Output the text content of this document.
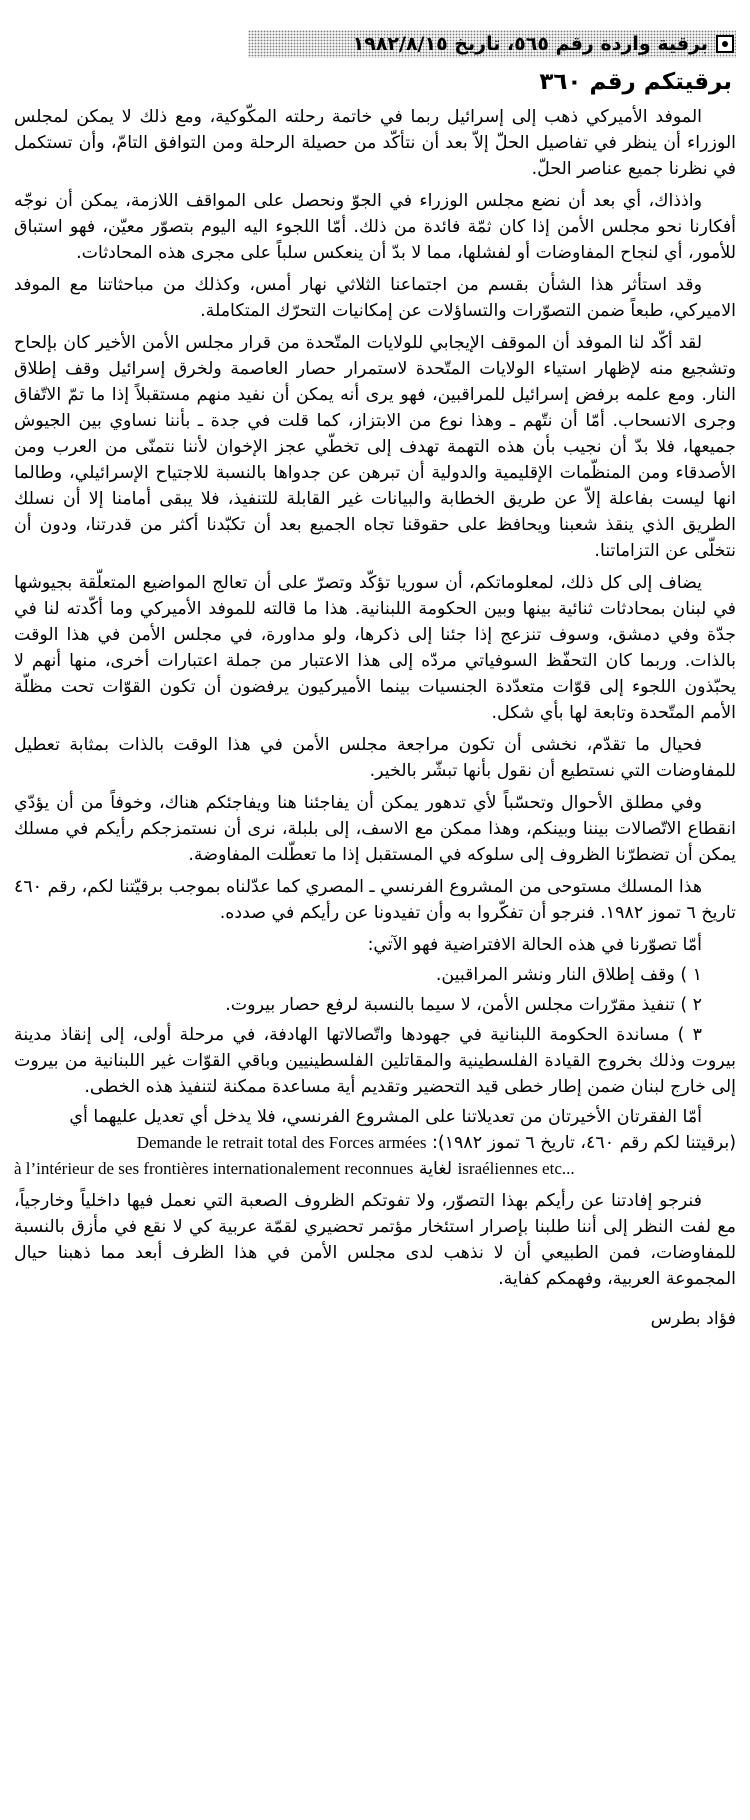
برقية واردة رقم ٥٦٥، تاريخ ١٩٨٢/٨/١٥
برقيتكم رقم ٣٦٠

الموفد الأميركي ذهب إلى إسرائيل ربما في خاتمة رحلته المكّوكية، ومع ذلك لا يمكن لمجلس الوزراء أن ينظر في تفاصيل الحلّ إلاّ بعد أن نتأكّد من حصيلة الرحلة ومن التوافق التامّ، وأن تستكمل في نظرنا جميع عناصر الحلّ.

واذذاك، أي بعد أن نضع مجلس الوزراء في الجوّ ونحصل على المواقف اللازمة، يمكن أن نوجّه أفكارنا نحو مجلس الأمن إذا كان ثمّة فائدة من ذلك. أمّا اللجوء اليه اليوم بتصوّر معيّن، فهو استباق للأمور، أي لنجاح المفاوضات أو لفشلها، مما لا بدّ أن ينعكس سلباً على مجرى هذه المحادثات.

وقد استأثر هذا الشأن بقسم من اجتماعنا الثلاثي نهار أمس، وكذلك من مباحثاتنا مع الموفد الاميركي، طبعاً ضمن التصوّرات والتساؤلات عن إمكانيات التحرّك المتكاملة.

لقد أكّد لنا الموفد أن الموقف الإيجابي للولايات المتّحدة من قرار مجلس الأمن الأخير كان بإلحاح وتشجيع منه لإظهار استياء الولايات المتّحدة لاستمرار حصار العاصمة ولخرق إسرائيل وقف إطلاق النار. ومع علمه برفض إسرائيل للمراقبين، فهو يرى أنه يمكن أن نفيد منهم مستقبلاً إذا ما تمّ الاتّفاق وجرى الانسحاب. أمّا أن نتّهم ـ وهذا نوع من الابتزاز، كما قلت في جدة ـ بأننا نساوي بين الجيوش جميعها، فلا بدّ أن نجيب بأن هذه التهمة تهدف إلى تخطّي عجز الإخوان لأننا نتمنّى من العرب ومن الأصدقاء ومن المنظّمات الإقليمية والدولية أن تبرهن عن جدواها بالنسبة للاجتياح الإسرائيلي، وطالما انها ليست بفاعلة إلاّ عن طريق الخطابة والبيانات غير القابلة للتنفيذ، فلا يبقى أمامنا إلا أن نسلك الطريق الذي ينقذ شعبنا ويحافظ على حقوقنا تجاه الجميع بعد أن تكبّدنا أكثر من قدرتنا، ودون أن نتخلّى عن التزاماتنا.

يضاف إلى كل ذلك، لمعلوماتكم، أن سوريا تؤكّد وتصرّ على أن تعالج المواضيع المتعلّقة بجيوشها في لبنان بمحادثات ثنائية بينها وبين الحكومة اللبنانية. هذا ما قالته للموفد الأميركي وما أكّدته لنا في جدّة وفي دمشق، وسوف تنزعج إذا جئنا إلى ذكرها، ولو مداورة، في مجلس الأمن في هذا الوقت بالذات. وربما كان التحفّظ السوفياتي مردّه إلى هذا الاعتبار من جملة اعتبارات أخرى، منها أنهم لا يحبّذون اللجوء إلى قوّات متعدّدة الجنسيات بينما الأميركيون يرفضون أن تكون القوّات تحت مظلّة الأمم المتّحدة وتابعة لها بأي شكل.

فحيال ما تقدّم، نخشى أن تكون مراجعة مجلس الأمن في هذا الوقت بالذات بمثابة تعطيل للمفاوضات التي نستطيع أن نقول بأنها تبشّر بالخير.

وفي مطلق الأحوال وتحسّباً لأي تدهور يمكن أن يفاجئنا هنا ويفاجئكم هناك، وخوفاً من أن يؤدّي انقطاع الاتّصالات بيننا وبينكم، وهذا ممكن مع الاسف، إلى بلبلة، نرى أن نستمزجكم رأيكم في مسلك يمكن أن تضطرّنا الظروف إلى سلوكه في المستقبل إذا ما تعطّلت المفاوضة.

هذا المسلك مستوحى من المشروع الفرنسي ـ المصري كما عدّلناه بموجب برقيّتنا لكم، رقم ٤٦٠ تاريخ ٦ تموز ١٩٨٢. فنرجو أن تفكّروا به وأن تفيدونا عن رأيكم في صدده.

أمّا تصوّرنا في هذه الحالة الافتراضية فهو الآتي:

١ ) وقف إطلاق النار ونشر المراقبين.
٢ ) تنفيذ مقرّرات مجلس الأمن، لا سيما بالنسبة لرفع حصار بيروت.

٣ ) مساندة الحكومة اللبنانية في جهودها واتّصالاتها الهادفة، في مرحلة أولى، إلى إنقاذ مدينة بيروت وذلك بخروج القيادة الفلسطينية والمقاتلين الفلسطينيين وباقي القوّات غير اللبنانية من بيروت إلى خارج لبنان ضمن إطار خطى قيد التحضير وتقديم أية مساعدة ممكنة لتنفيذ هذه الخطى.

أمّا الفقرتان الأخيرتان من تعديلاتنا على المشروع الفرنسي، فلا يدخل أي تعديل عليهما أي

(برقيتنا لكم رقم ٤٦٠، تاريخ ٦ تموز ١٩٨٢): Demande le retrait total des Forces armées
à l’intérieur de ses frontières internationalement reconnues لغاية israéliennes etc...

فنرجو إفادتنا عن رأيكم بهذا التصوّر، ولا تفوتكم الظروف الصعبة التي نعمل فيها داخلياً وخارجياً، مع لفت النظر إلى أننا طلبنا بإصرار استئخار مؤتمر تحضيري لقمّة عربية كي لا نقع في مأزق بالنسبة للمفاوضات، فمن الطبيعي أن لا نذهب لدى مجلس الأمن في هذا الظرف أبعد مما ذهبنا حيال المجموعة العربية، وفهمكم كفاية.

فؤاد بطرس
